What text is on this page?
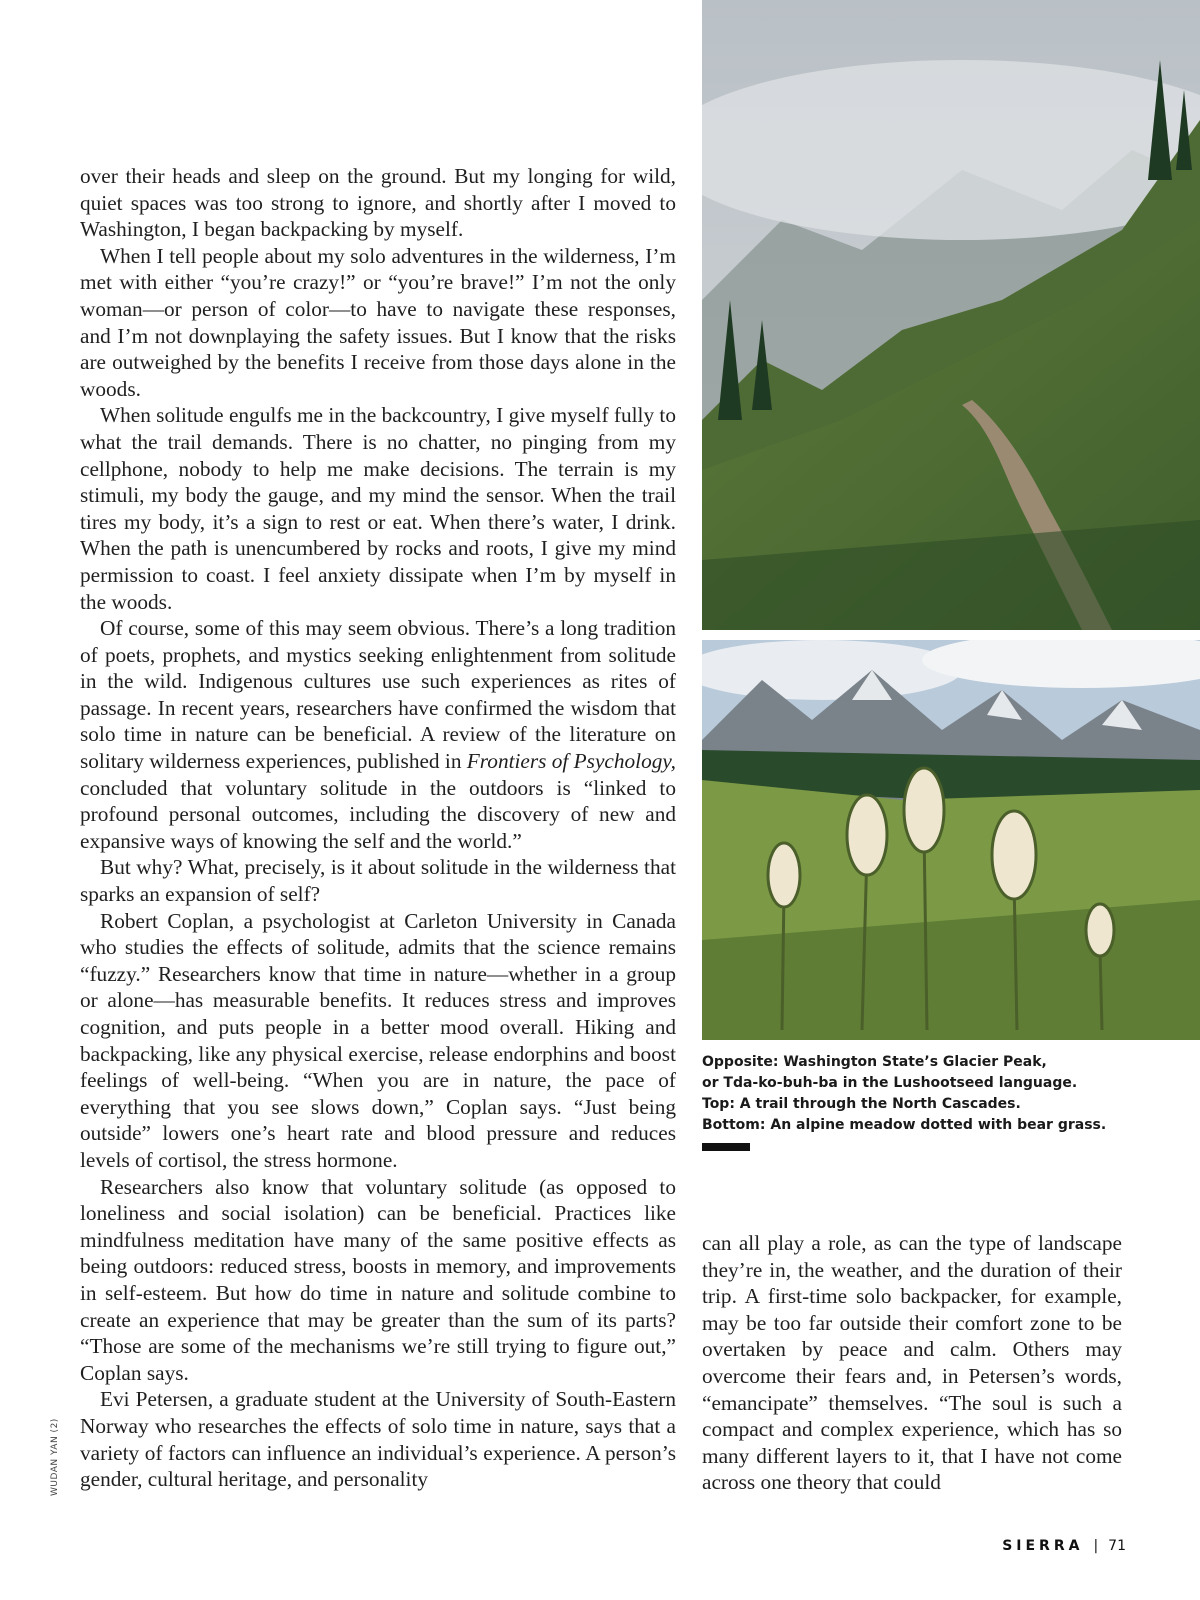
over their heads and sleep on the ground. But my longing for wild, quiet spaces was too strong to ignore, and shortly after I moved to Washington, I began backpacking by myself.

When I tell people about my solo adventures in the wilderness, I’m met with either “you’re crazy!” or “you’re brave!” I’m not the only woman—or person of color—to have to navigate these responses, and I’m not downplaying the safety issues. But I know that the risks are outweighed by the benefits I receive from those days alone in the woods.

When solitude engulfs me in the backcountry, I give myself fully to what the trail demands. There is no chatter, no pinging from my cellphone, nobody to help me make decisions. The terrain is my stimuli, my body the gauge, and my mind the sensor. When the trail tires my body, it’s a sign to rest or eat. When there’s water, I drink. When the path is unencumbered by rocks and roots, I give my mind permission to coast. I feel anxiety dissipate when I’m by myself in the woods.

Of course, some of this may seem obvious. There’s a long tradition of poets, prophets, and mystics seeking enlightenment from solitude in the wild. Indigenous cultures use such experiences as rites of passage. In recent years, researchers have confirmed the wisdom that solo time in nature can be beneficial. A review of the literature on solitary wilderness experiences, published in Frontiers of Psychology, concluded that voluntary solitude in the outdoors is “linked to profound personal outcomes, including the discovery of new and expansive ways of knowing the self and the world.”

But why? What, precisely, is it about solitude in the wilderness that sparks an expansion of self?

Robert Coplan, a psychologist at Carleton University in Canada who studies the effects of solitude, admits that the science remains “fuzzy.” Researchers know that time in nature—whether in a group or alone—has measurable benefits. It reduces stress and improves cognition, and puts people in a better mood overall. Hiking and backpacking, like any physical exercise, release endorphins and boost feelings of well-being. “When you are in nature, the pace of everything that you see slows down,” Coplan says. “Just being outside” lowers one’s heart rate and blood pressure and reduces levels of cortisol, the stress hormone.

Researchers also know that voluntary solitude (as opposed to loneliness and social isolation) can be beneficial. Practices like mindfulness meditation have many of the same positive effects as being outdoors: reduced stress, boosts in memory, and improvements in self-esteem. But how do time in nature and solitude combine to create an experience that may be greater than the sum of its parts? “Those are some of the mechanisms we’re still trying to figure out,” Coplan says.

Evi Petersen, a graduate student at the University of South-Eastern Norway who researches the effects of solo time in nature, says that a variety of factors can influence an individual’s experience. A person’s gender, cultural heritage, and personality

Opposite: Washington State’s Glacier Peak,
or Tda-ko-buh-ba in the Lushootseed language.
Top: A trail through the North Cascades.
Bottom: An alpine meadow dotted with bear grass.

can all play a role, as can the type of landscape they’re in, the weather, and the duration of their trip. A first-time solo backpacker, for example, may be too far outside their comfort zone to be overtaken by peace and calm. Others may overcome their fears and, in Petersen’s words, “emancipate” themselves. “The soul is such a compact and complex experience, which has so many different layers to it, that I have not come across one theory that could

WUDAN YAN (2)
SIERRA | 71
